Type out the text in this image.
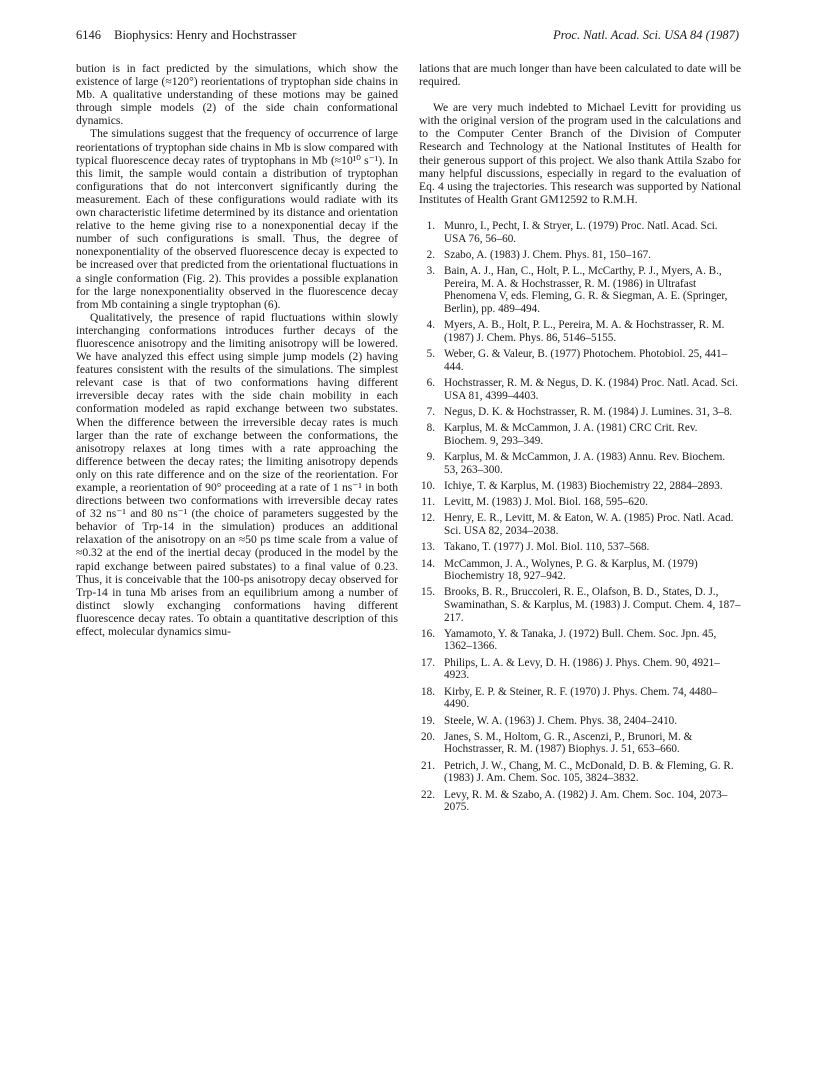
6146 Biophysics: Henry and Hochstrasser	Proc. Natl. Acad. Sci. USA 84 (1987)

bution is in fact predicted by the simulations, which show the existence of large (≈120°) reorientations of tryptophan side chains in Mb. A qualitative understanding of these motions may be gained through simple models (2) of the side chain conformational dynamics.

The simulations suggest that the frequency of occurrence of large reorientations of tryptophan side chains in Mb is slow compared with typical fluorescence decay rates of tryptophans in Mb (≈10¹⁰ s⁻¹). In this limit, the sample would contain a distribution of tryptophan configurations that do not interconvert significantly during the measurement. Each of these configurations would radiate with its own characteristic lifetime determined by its distance and orientation relative to the heme giving rise to a nonexponential decay if the number of such configurations is small. Thus, the degree of nonexponentiality of the observed fluorescence decay is expected to be increased over that predicted from the orientational fluctuations in a single conformation (Fig. 2). This provides a possible explanation for the large nonexponentiality observed in the fluorescence decay from Mb containing a single tryptophan (6).

Qualitatively, the presence of rapid fluctuations within slowly interchanging conformations introduces further decays of the fluorescence anisotropy and the limiting anisotropy will be lowered. We have analyzed this effect using simple jump models (2) having features consistent with the results of the simulations. The simplest relevant case is that of two conformations having different irreversible decay rates with the side chain mobility in each conformation modeled as rapid exchange between two substates. When the difference between the irreversible decay rates is much larger than the rate of exchange between the conformations, the anisotropy relaxes at long times with a rate approaching the difference between the decay rates; the limiting anisotropy depends only on this rate difference and on the size of the reorientation. For example, a reorientation of 90° proceeding at a rate of 1 ns⁻¹ in both directions between two conformations with irreversible decay rates of 32 ns⁻¹ and 80 ns⁻¹ (the choice of parameters suggested by the behavior of Trp-14 in the simulation) produces an additional relaxation of the anisotropy on an ≈50 ps time scale from a value of ≈0.32 at the end of the inertial decay (produced in the model by the rapid exchange between paired substates) to a final value of 0.23. Thus, it is conceivable that the 100-ps anisotropy decay observed for Trp-14 in tuna Mb arises from an equilibrium among a number of distinct slowly exchanging conformations having different fluorescence decay rates. To obtain a quantitative description of this effect, molecular dynamics simu-

lations that are much longer than have been calculated to date will be required.

We are very much indebted to Michael Levitt for providing us with the original version of the program used in the calculations and to the Computer Center Branch of the Division of Computer Research and Technology at the National Institutes of Health for their generous support of this project. We also thank Attila Szabo for many helpful discussions, especially in regard to the evaluation of Eq. 4 using the trajectories. This research was supported by National Institutes of Health Grant GM12592 to R.M.H.

1. Munro, I., Pecht, I. & Stryer, L. (1979) Proc. Natl. Acad. Sci. USA 76, 56–60.
2. Szabo, A. (1983) J. Chem. Phys. 81, 150–167.
3. Bain, A. J., Han, C., Holt, P. L., McCarthy, P. J., Myers, A. B., Pereira, M. A. & Hochstrasser, R. M. (1986) in Ultrafast Phenomena V, eds. Fleming, G. R. & Siegman, A. E. (Springer, Berlin), pp. 489–494.
4. Myers, A. B., Holt, P. L., Pereira, M. A. & Hochstrasser, R. M. (1987) J. Chem. Phys. 86, 5146–5155.
5. Weber, G. & Valeur, B. (1977) Photochem. Photobiol. 25, 441–444.
6. Hochstrasser, R. M. & Negus, D. K. (1984) Proc. Natl. Acad. Sci. USA 81, 4399–4403.
7. Negus, D. K. & Hochstrasser, R. M. (1984) J. Lumines. 31, 3–8.
8. Karplus, M. & McCammon, J. A. (1981) CRC Crit. Rev. Biochem. 9, 293–349.
9. Karplus, M. & McCammon, J. A. (1983) Annu. Rev. Biochem. 53, 263–300.
10. Ichiye, T. & Karplus, M. (1983) Biochemistry 22, 2884–2893.
11. Levitt, M. (1983) J. Mol. Biol. 168, 595–620.
12. Henry, E. R., Levitt, M. & Eaton, W. A. (1985) Proc. Natl. Acad. Sci. USA 82, 2034–2038.
13. Takano, T. (1977) J. Mol. Biol. 110, 537–568.
14. McCammon, J. A., Wolynes, P. G. & Karplus, M. (1979) Biochemistry 18, 927–942.
15. Brooks, B. R., Bruccoleri, R. E., Olafson, B. D., States, D. J., Swaminathan, S. & Karplus, M. (1983) J. Comput. Chem. 4, 187–217.
16. Yamamoto, Y. & Tanaka, J. (1972) Bull. Chem. Soc. Jpn. 45, 1362–1366.
17. Philips, L. A. & Levy, D. H. (1986) J. Phys. Chem. 90, 4921–4923.
18. Kirby, E. P. & Steiner, R. F. (1970) J. Phys. Chem. 74, 4480–4490.
19. Steele, W. A. (1963) J. Chem. Phys. 38, 2404–2410.
20. Janes, S. M., Holtom, G. R., Ascenzi, P., Brunori, M. & Hochstrasser, R. M. (1987) Biophys. J. 51, 653–660.
21. Petrich, J. W., Chang, M. C., McDonald, D. B. & Fleming, G. R. (1983) J. Am. Chem. Soc. 105, 3824–3832.
22. Levy, R. M. & Szabo, A. (1982) J. Am. Chem. Soc. 104, 2073–2075.
